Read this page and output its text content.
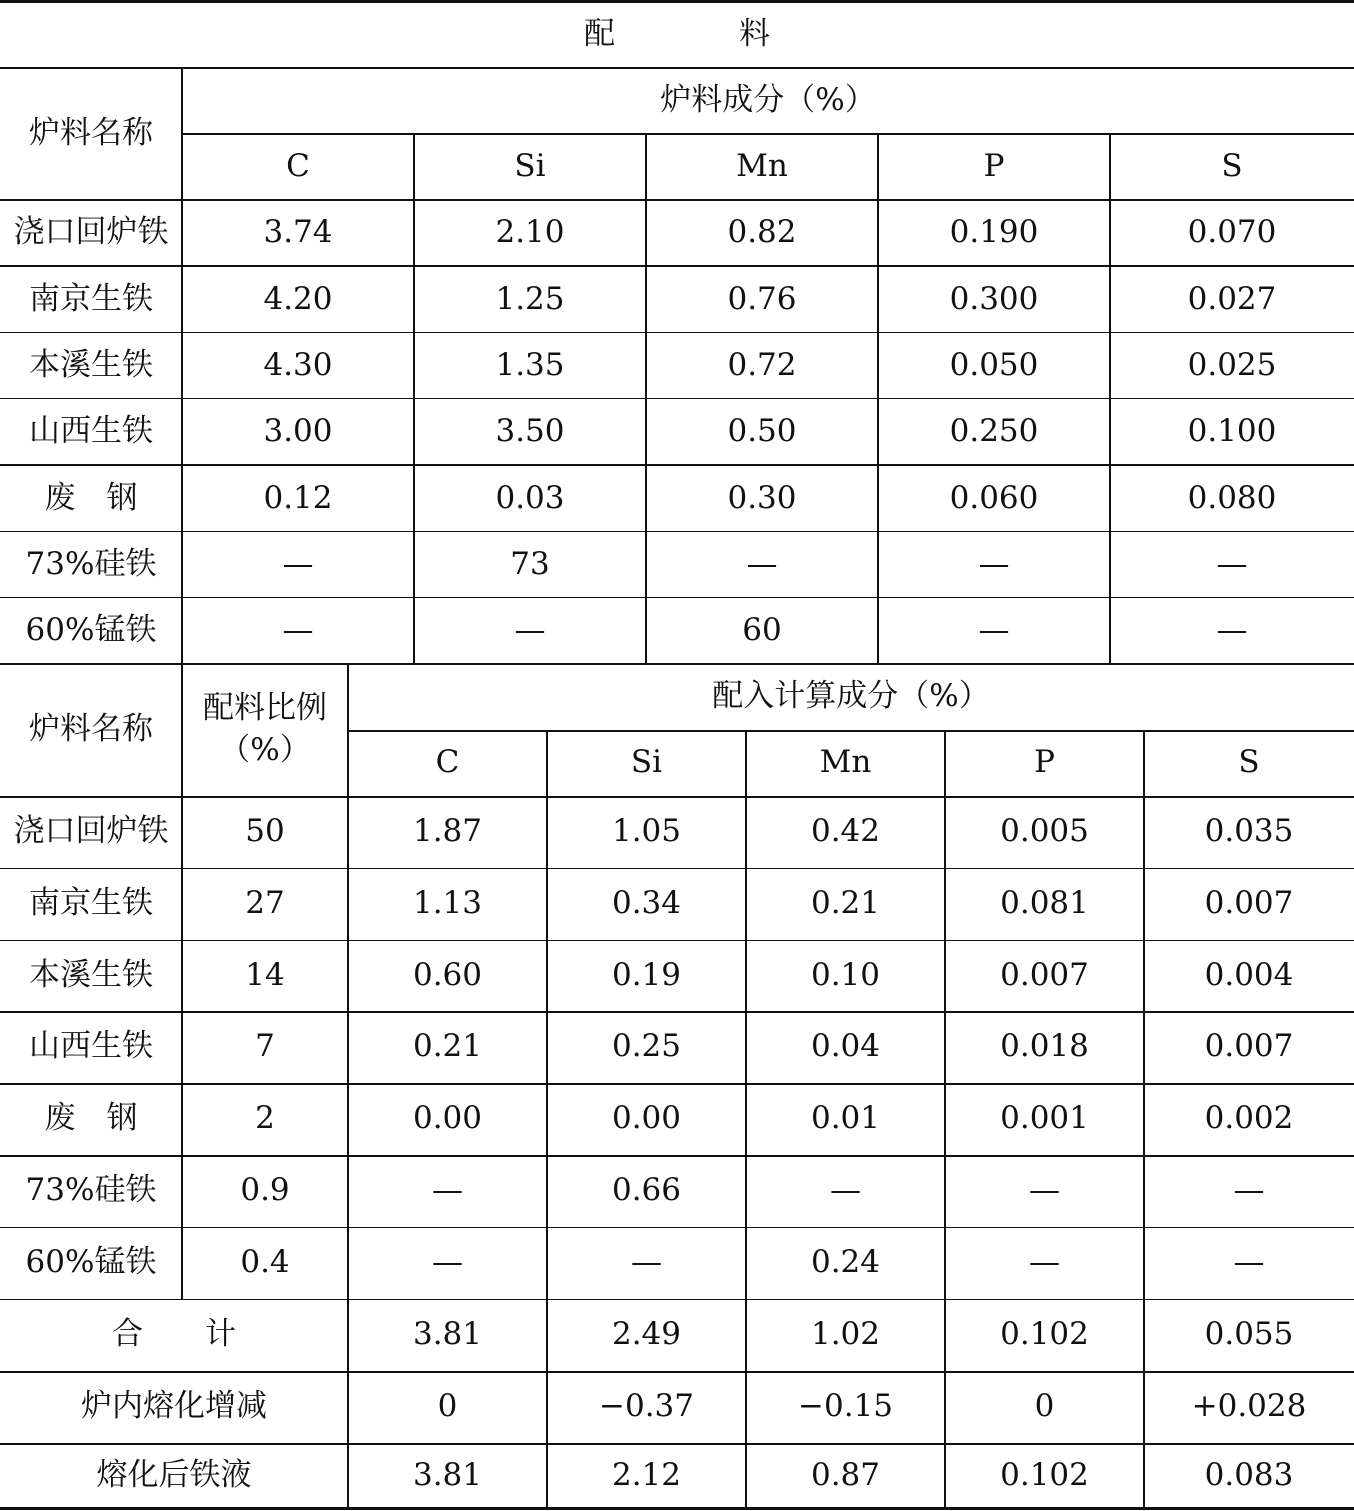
配　　　　料
炉料名称
炉料成分（%）
C	Si	Mn	P	S
浇口回炉铁	3.74	2.10	0.82	0.190	0.070
南京生铁	4.20	1.25	0.76	0.300	0.027
本溪生铁	4.30	1.35	0.72	0.050	0.025
山西生铁	3.00	3.50	0.50	0.250	0.100
废　钢	0.12	0.03	0.30	0.060	0.080
73%硅铁	—	73	—	—	—
60%锰铁	—	—	60	—	—
炉料名称
配料比例
（%）
配入计算成分（%）
C	Si	Mn	P	S
浇口回炉铁	50	1.87	1.05	0.42	0.005	0.035
南京生铁	27	1.13	0.34	0.21	0.081	0.007
本溪生铁	14	0.60	0.19	0.10	0.007	0.004
山西生铁	7	0.21	0.25	0.04	0.018	0.007
废　钢	2	0.00	0.00	0.01	0.001	0.002
73%硅铁	0.9	—	0.66	—	—	—
60%锰铁	0.4	—	—	0.24	—	—
合　　计	3.81	2.49	1.02	0.102	0.055
炉内熔化增减	0	−0.37	−0.15	0	+0.028
熔化后铁液	3.81	2.12	0.87	0.102	0.083
